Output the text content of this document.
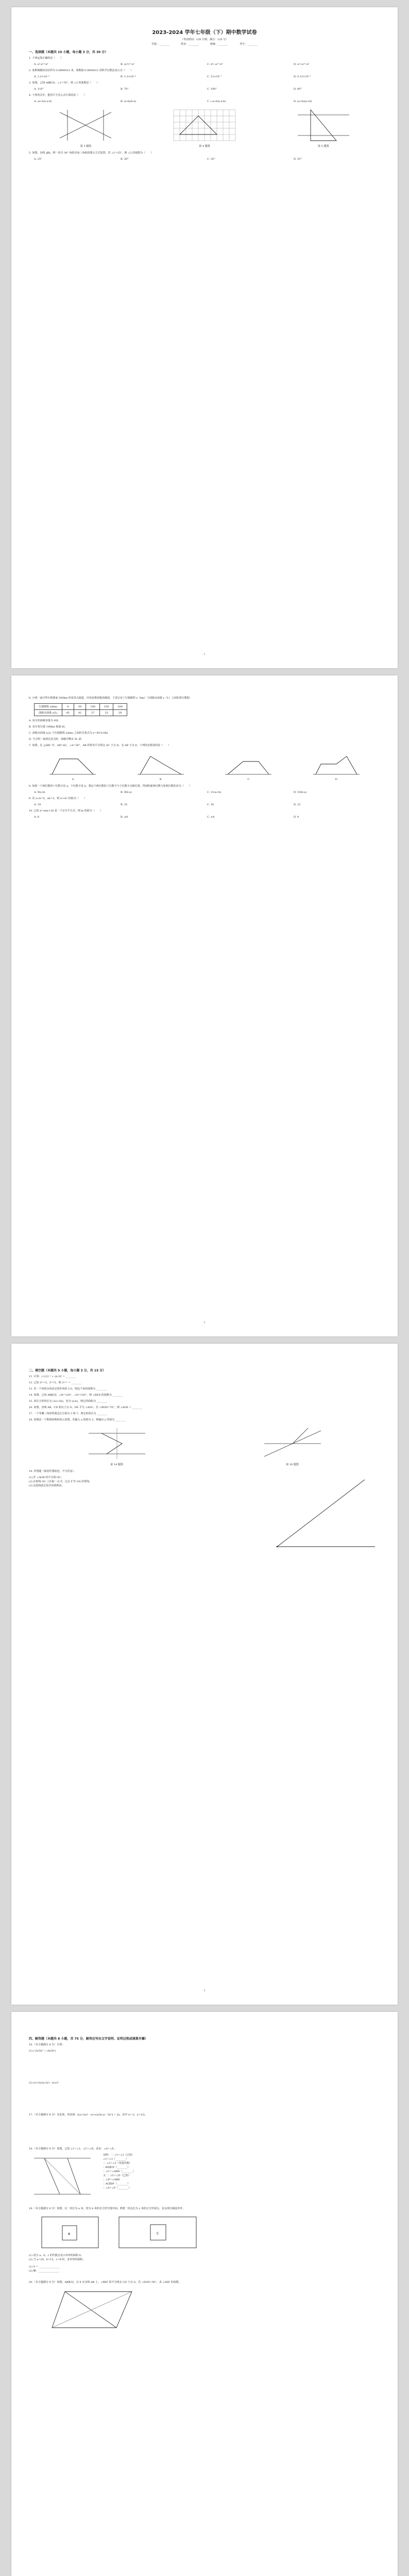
2023-2024 学年七年级（下）期中数学试卷
（考试时间：120 分钟，满分：120 分）
学校：________	姓名：________	班级：________	考号：________
一、选择题（本题共 10 小题，每小题 3 分，共 30 分）
1. 下列运算正确的是（　　）
A. a²·a³=a⁶	B. (a³)²=a⁵	C. a⁶÷a²=a⁴	D. a²+a³=a⁵
2. 某种细胞的直径约为 0.0000012 米，将数据 0.0000012 用科学记数法表示为（　　）
A. 1.2×10⁻⁵	B. 1.2×10⁻⁶	C. 12×10⁻⁷	D. 0.12×10⁻⁵
3. 如图，已知 AB∥CD，∠1=70°，则 ∠2 的度数是（　　）
A. 110°	B. 70°	C. 100°	D. 60°
4. 下列各式中，能用平方差公式计算的是（　　）
A. (a+b)(-a-b)	B. (a-b)(b-a)	C. (-a+b)(-a-b)	D. (a+b)(a+b)
第 3 题图	第 4 题图	第 5 题图
5. 如图，直线 a∥b，将一块含 30° 角的直角三角板按图示方式放置，若 ∠1=25°，则 ∠2 的度数为（　　）
A. 25°	B. 30°	C. 35°	D. 55°
1
6. 小明一家自驾车到离家 500km 的某景点旅游，出发前将油箱加满油，下表记录了行驶路程 x（km）与油箱余油量 y（L）之间的部分数据：
行驶路程 x(km)	0	50	100	150	200
油箱余油量 y(L)	45	41	37	33	29
A. 该车的油箱容量为 45L
B. 该车每行驶 100km 耗油 8L
C. 油箱余油量 y(L) 与行驶路程 x(km) 之间的关系式为 y=45-0.08x
D. 当小明一家到达景点时，油箱中剩余 5L 油
7. 如图，在 △ABC 中，AB=AC，∠A=36°，AB 的垂直平分线交 AC 于点 D，交 AB 于点 E，下列结论错误的是（　　）
A	B	C	D
8. 如果一个两位数的十位数字是 a，个位数字是 b，将这个两位数的十位数字与个位数字交换位置，得到的新两位数与原两位数的差为（　　）
A. 9(a-b)	B. 9(b-a)	C. 11(a+b)	D. 10(b-a)
9. 若 a+b=5，ab=3，则 a²+b² 的值为（　　）
A. 19	B. 25	C. 16	D. 22
10. 已知 x²+mx+16 是一个完全平方式，则 m 的值为（　　）
A. 8	B. ±8	C. ±4	D. 4
2
二、填空题（本题共 5 小题，每小题 3 分，共 15 分）
11. 计算：(-1/2)⁻² + (π-3)⁰ = ________
12. 已知 2ᵐ=3，2ⁿ=5，则 2ᵐ⁺ⁿ = ________
13. 若一个角的余角是它的补角的 1/3，则这个角的度数为 ________
14. 如图，已知 AB∥CD，∠B=120°，∠D=150°，则 ∠BED 的度数为 ________
15. 某长方形的长为 (2a+3b)，宽为 (a-b)，则它的面积为 ________
16. 如图，直线 AB、CD 相交于点 O，OE 平分 ∠AOC，若 ∠BOD=70°，则 ∠AOE = ________
17. 一个等腰三角形的两边长分别为 3 和 7，则它的周长为 ________
18. 如图是一个数值转换机的示意图，若输入 x 的值为 3，则输出 y 的值为 ________
第 14 题图	第 16 题图
19. 作图题（保留作图痕迹，不写作法）：
(1) 作 ∠AOB 的平分线 OC；
(2) 在射线 OC 上任取一点 P，过点 P 作 OA 的垂线。
(3) 比较线段长短并说明理由。
3
四、解答题（本题共 8 小题，共 75 分，解答应写出文字说明、证明过程或演算步骤）
16.（本小题满分 8 分）计算：
(1) (-2a²b)³ ÷ (4a³b²)
(2) (x+2y)(x-2y) - (x-y)²
17.（本小题满分 8 分）先化简，再求值：[(x+2y)² - (x+y)(3x-y) - 5y²] ÷ 2x，其中 x=-2，y=1/2。
18.（本小题满分 9 分）如图，已知 ∠1=∠2，∠C=∠D，求证：∠A=∠F。
证明：∵ ∠1=∠2（已知）
∠1=∠3（________）
∴ ∠2=∠3（等量代换）
∴ BD∥CE（________）
∴ ∠C=∠ABD（________）
又 ∵ ∠C=∠D（已知）
∴ ∠D=∠ABD
∴ AC∥DF（________）
∴ ∠A=∠F（________）
19.（本小题满分 9 分）如图，在一块长为 a 米、宽为 b 米的长方形空地中间，修建一块边长为 c 米的正方形花坛，其余部分铺设草坪。
A	C
(1) 用含 a、b、c 的代数式表示草坪的面积 S；
(2) 当 a=20，b=15，c=8 时，求草坪的面积。
(1) S = ________________
(2) 解：________________
20.（本小题满分 9 分）如图，AB∥CD，点 E 在直线 AB 上，∠BEF 的平分线交 CD 于点 G，若 ∠EGD=50°，求 ∠AEF 的度数。
